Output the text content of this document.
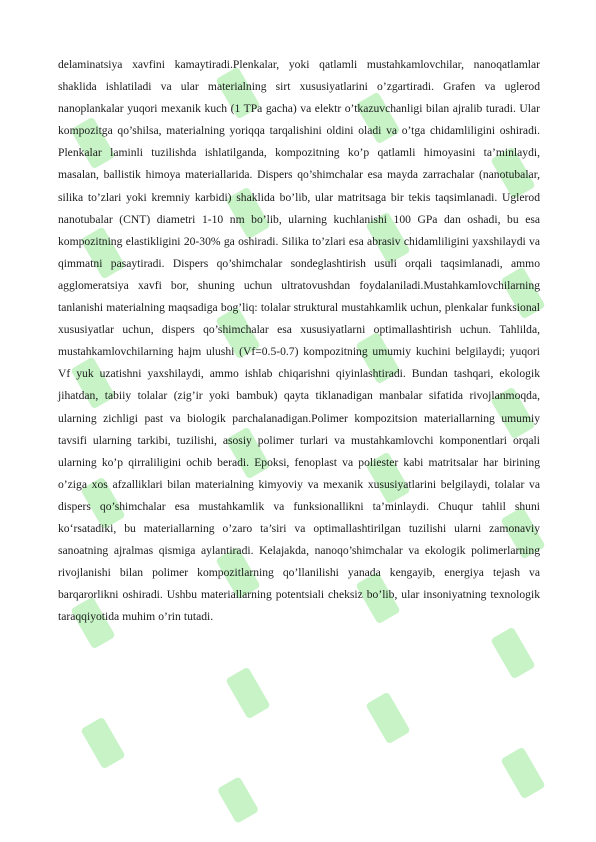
delaminatsiya xavfini kamaytiradi.Plenkalar, yoki qatlamli mustahkamlovchilar, nanoqatlamlar shaklida ishlatiladi va ular materialning sirt xususiyatlarini o’zgartiradi. Grafen va uglerod nanoplankalar yuqori mexanik kuch (1 TPa gacha) va elektr o’tkazuvchanligi bilan ajralib turadi. Ular kompozitga qo’shilsa, materialning yoriqqa tarqalishini oldini oladi va o’tga chidamliligini oshiradi. Plenkalar laminli tuzilishda ishlatilganda, kompozitning ko’p qatlamli himoyasini ta’minlaydi, masalan, ballistik himoya materiallarida. Dispers qo’shimchalar esa mayda zarrachalar (nanotubalar, silika to’zlari yoki kremniy karbidi) shaklida bo’lib, ular matritsaga bir tekis taqsimlanadi. Uglerod nanotubalar (CNT) diametri 1-10 nm bo’lib, ularning kuchlanishi 100 GPa dan oshadi, bu esa kompozitning elastikligini 20-30% ga oshiradi. Silika to’zlari esa abrasiv chidamliligini yaxshilaydi va qimmatni pasaytiradi. Dispers qo’shimchalar sondeglashtirish usuli orqali taqsimlanadi, ammo agglomeratsiya xavfi bor, shuning uchun ultratovushdan foydalaniladi.Mustahkamlovchilarning tanlanishi materialning maqsadiga bog’liq: tolalar struktural mustahkamlik uchun, plenkalar funksional xususiyatlar uchun, dispers qo’shimchalar esa xususiyatlarni optimallashtirish uchun. Tahlilda, mustahkamlovchilarning hajm ulushi (Vf=0.5-0.7) kompozitning umumiy kuchini belgilaydi; yuqori Vf yuk uzatishni yaxshilaydi, ammo ishlab chiqarishni qiyinlashtiradi. Bundan tashqari, ekologik jihatdan, tabiiy tolalar (zig’ir yoki bambuk) qayta tiklanadigan manbalar sifatida rivojlanmoqda, ularning zichligi past va biologik parchalanadigan.Polimer kompozitsion materiallarning umumiy tavsifi ularning tarkibi, tuzilishi, asosiy polimer turlari va mustahkamlovchi komponentlari orqali ularning ko’p qirraliligini ochib beradi. Epoksi, fenoplast va poliester kabi matritsalar har birining o’ziga xos afzalliklari bilan materialning kimyoviy va mexanik xususiyatlarini belgilaydi, tolalar va dispers qo’shimchalar esa mustahkamlik va funksionallikni ta’minlaydi. Chuqur tahlil shuni ko‘rsatadiki, bu materiallarning o’zaro ta’siri va optimallashtirilgan tuzilishi ularni zamonaviy sanoatning ajralmas qismiga aylantiradi. Kelajakda, nanoqo’shimchalar va ekologik polimerlarning rivojlanishi bilan polimer kompozitlarning qo’llanilishi yanada kengayib, energiya tejash va barqarorlikni oshiradi. Ushbu materiallarning potentsiali cheksiz bo’lib, ular insoniyatning texnologik taraqqiyotida muhim o’rin tutadi.
